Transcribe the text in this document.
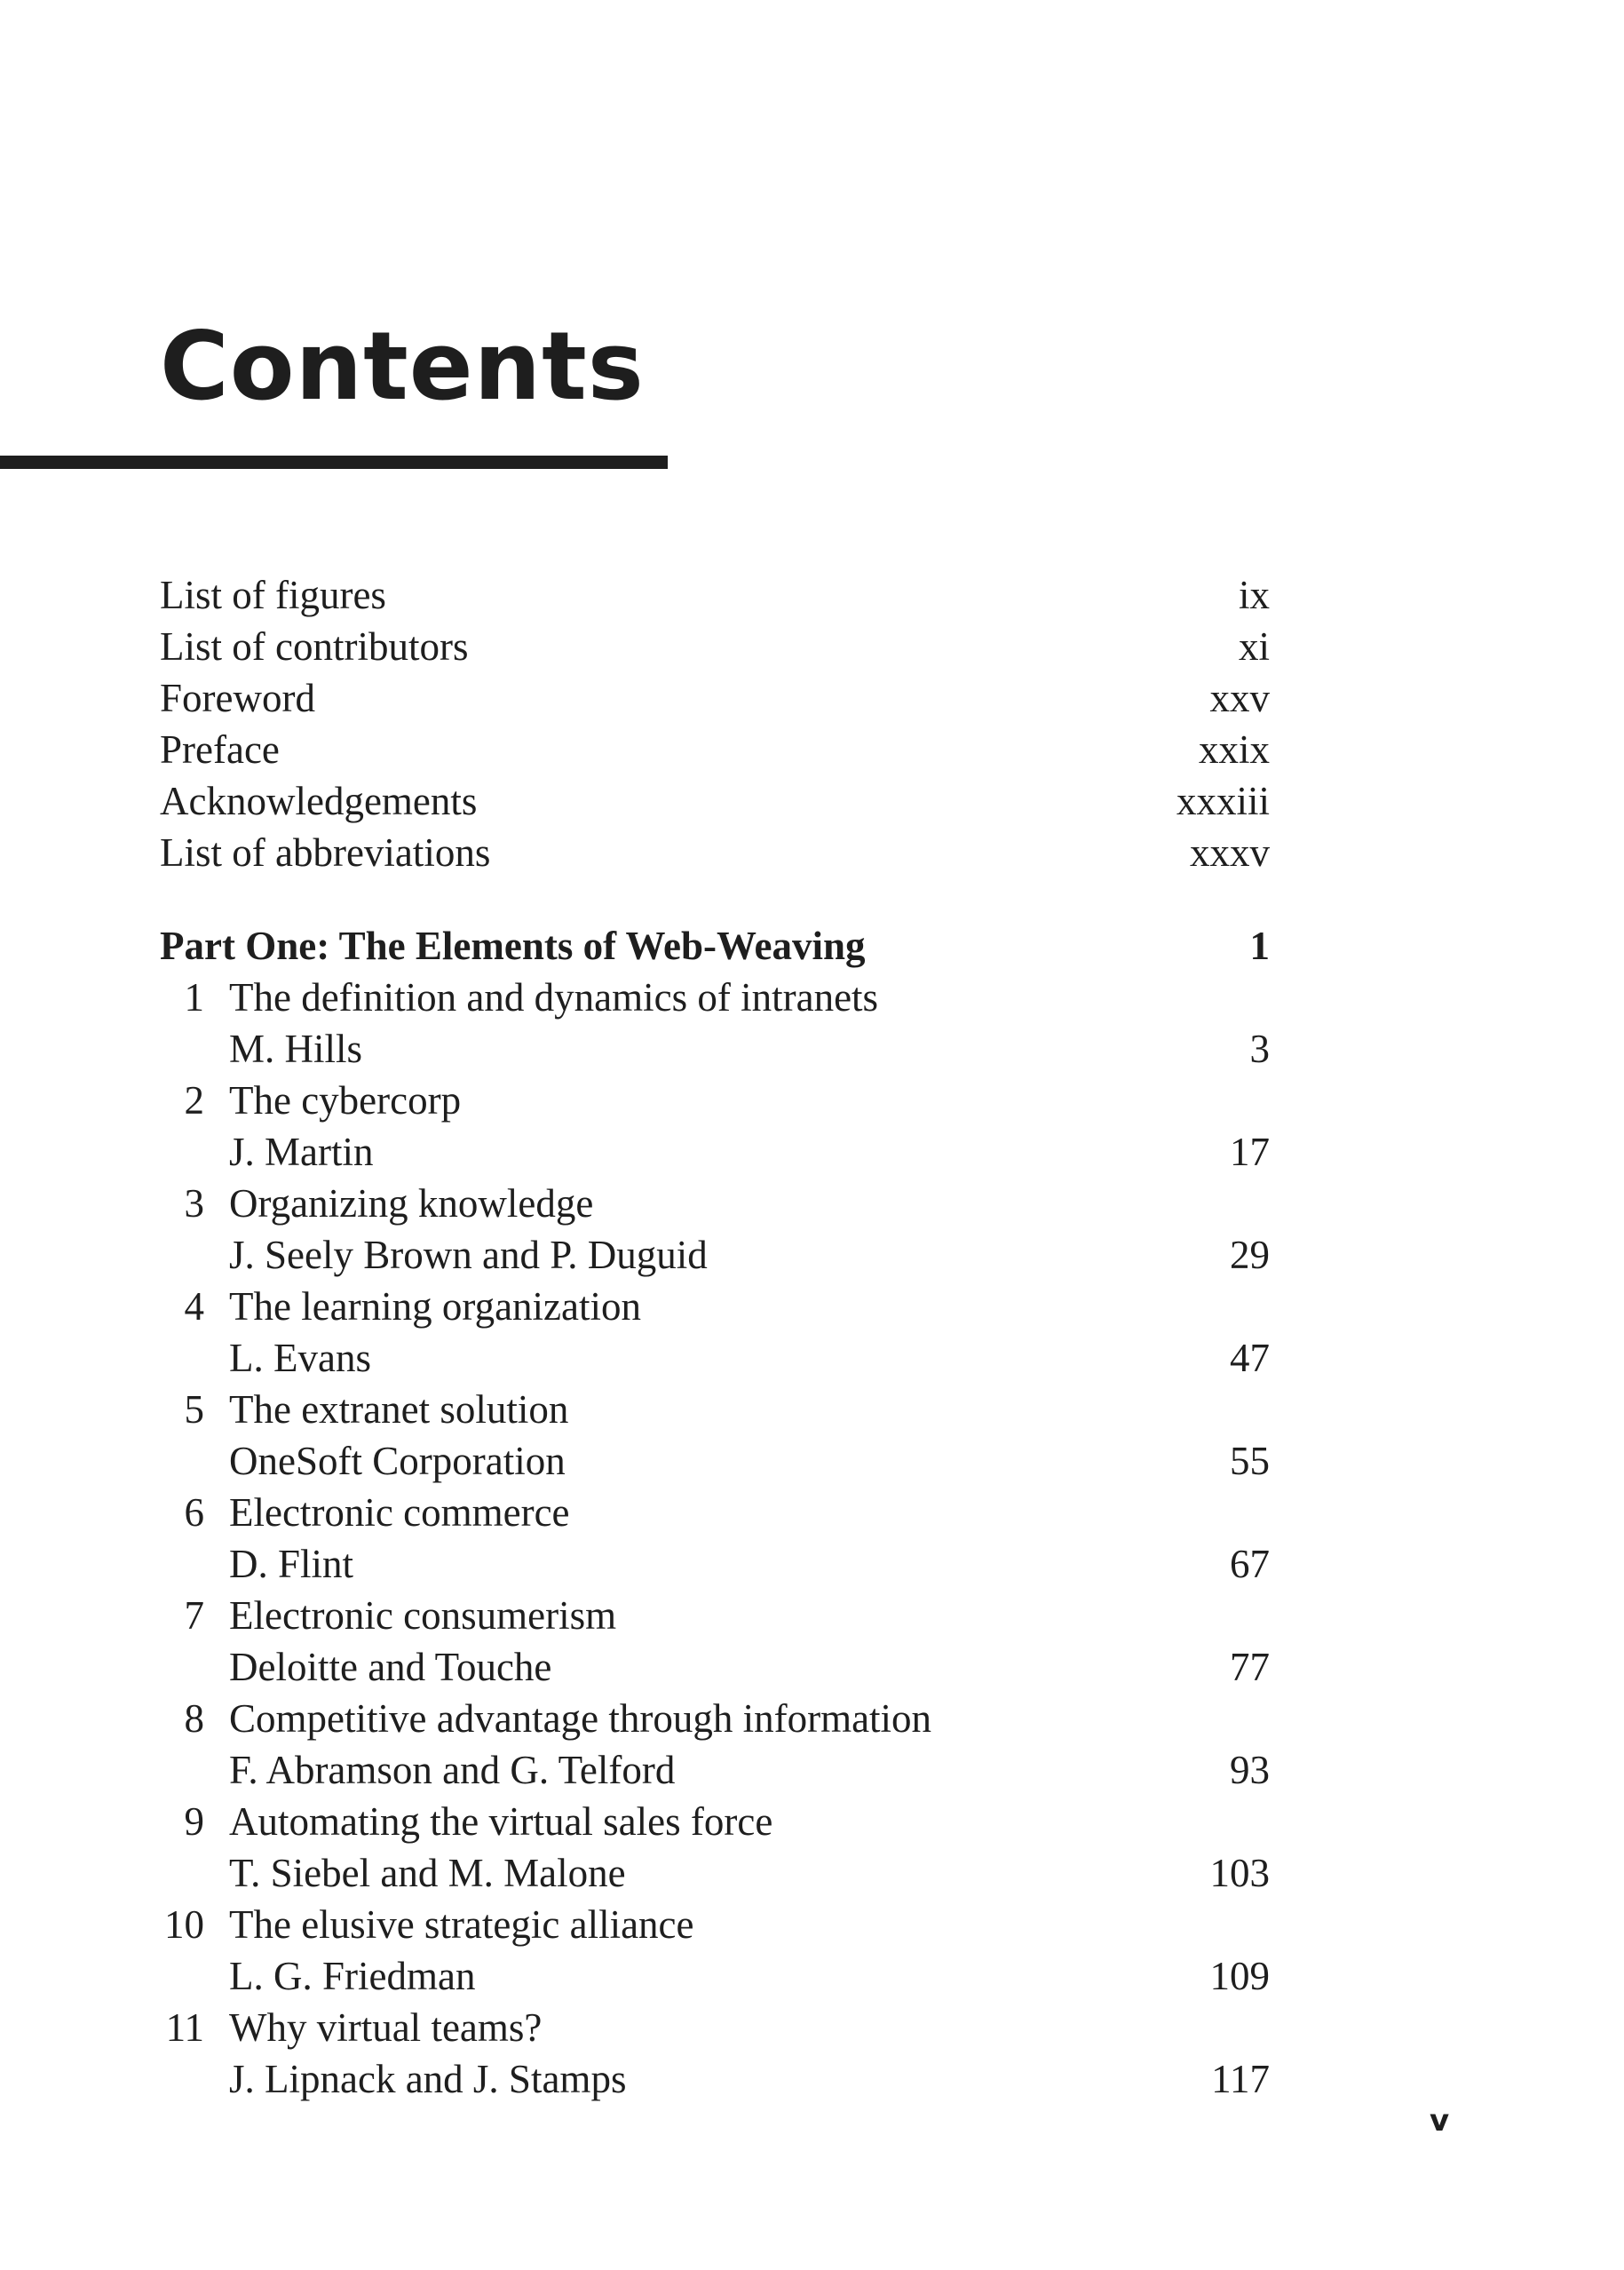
Contents
List of figures	ix
List of contributors	xi
Foreword	xxv
Preface	xxix
Acknowledgements	xxxiii
List of abbreviations	xxxv
Part One: The Elements of Web-Weaving	1
1 The definition and dynamics of intranets
M. Hills	3
2 The cybercorp
J. Martin	17
3 Organizing knowledge
J. Seely Brown and P. Duguid	29
4 The learning organization
L. Evans	47
5 The extranet solution
OneSoft Corporation	55
6 Electronic commerce
D. Flint	67
7 Electronic consumerism
Deloitte and Touche	77
8 Competitive advantage through information
F. Abramson and G. Telford	93
9 Automating the virtual sales force
T. Siebel and M. Malone	103
10 The elusive strategic alliance
L. G. Friedman	109
11 Why virtual teams?
J. Lipnack and J. Stamps	117
v
